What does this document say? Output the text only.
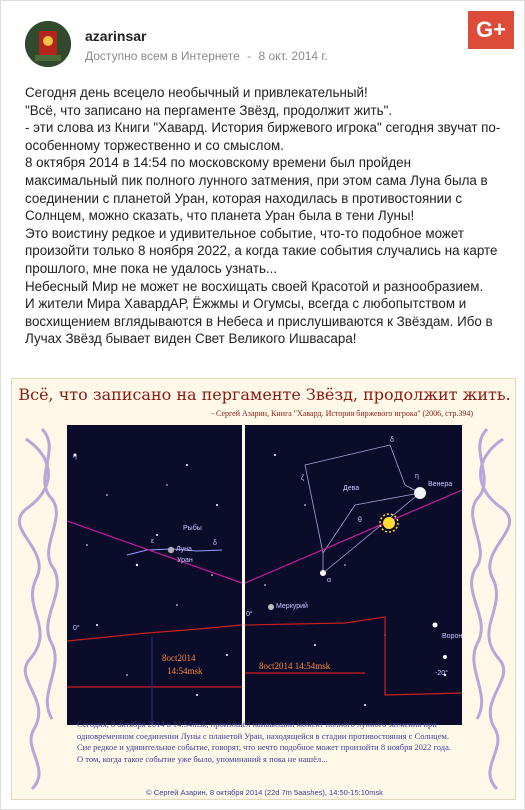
azarinsar
Доступно всем в Интернете - 8 окт. 2014 г.
G+

Сегодня день всецело необычный и привлекательный!

"Всё, что записано на пергаменте Звёзд, продолжит жить".

- эти слова из Книги "Хавард. История биржевого игрока" сегодня звучат по-особенному торжественно и со смыслом.

8 октября 2014 в 14:54 по московскому времени был пройден максимальный пик полного лунного затмения, при этом сама Луна была в соединении с планетой Уран, которая находилась в противостоянии с Солнцем, можно сказать, что планета Уран была в тени Луны!

Это воистину редкое и удивительное событие, что-то подобное может произойти только 8 ноября 2022, а когда такие события случались на карте прошлого, мне пока не удалось узнать...

Небесный Мир не может не восхищать своей Красотой и разнообразием.

И жители Мира ХавардАР, Ёжжмы и Огумсы, всегда с любопытством и восхищением вглядываются в Небеса и прислушиваются к Звёздам. Ибо в Лучах Звёзд бывает виден Свет Великого Ишвасара!

Всё, что записано на пергаменте Звёзд, продолжит жить.
- Сергей Азарин, Книга "Хавард. История биржевого игрока" (2006, стр.394)
η
Рыбы
ε	δ
Луна
Уран
0°
8oct2014
14:54msk
δ
ζ
Дева
η
Венера
θ
α
Меркурий
0°
Ворон
-20°
8oct2014 14:54msk
Сегодня, 8 октября 2014 в 14:54msk, произошёл наивысший момент полного лунного затмения при одновременном соединении Луны с планетой Уран, находящейся в стадии противостояния с Солнцем. Сие редкое и удивительное событие, говорят, что нечто подобное может произойти 8 ноября 2022 года. О том, когда такое событие уже было, упоминаний я пока не нашёл...
© Сергей Азарин, 8 октября 2014 (22d 7m 5aashes), 14:50-15:10msk
